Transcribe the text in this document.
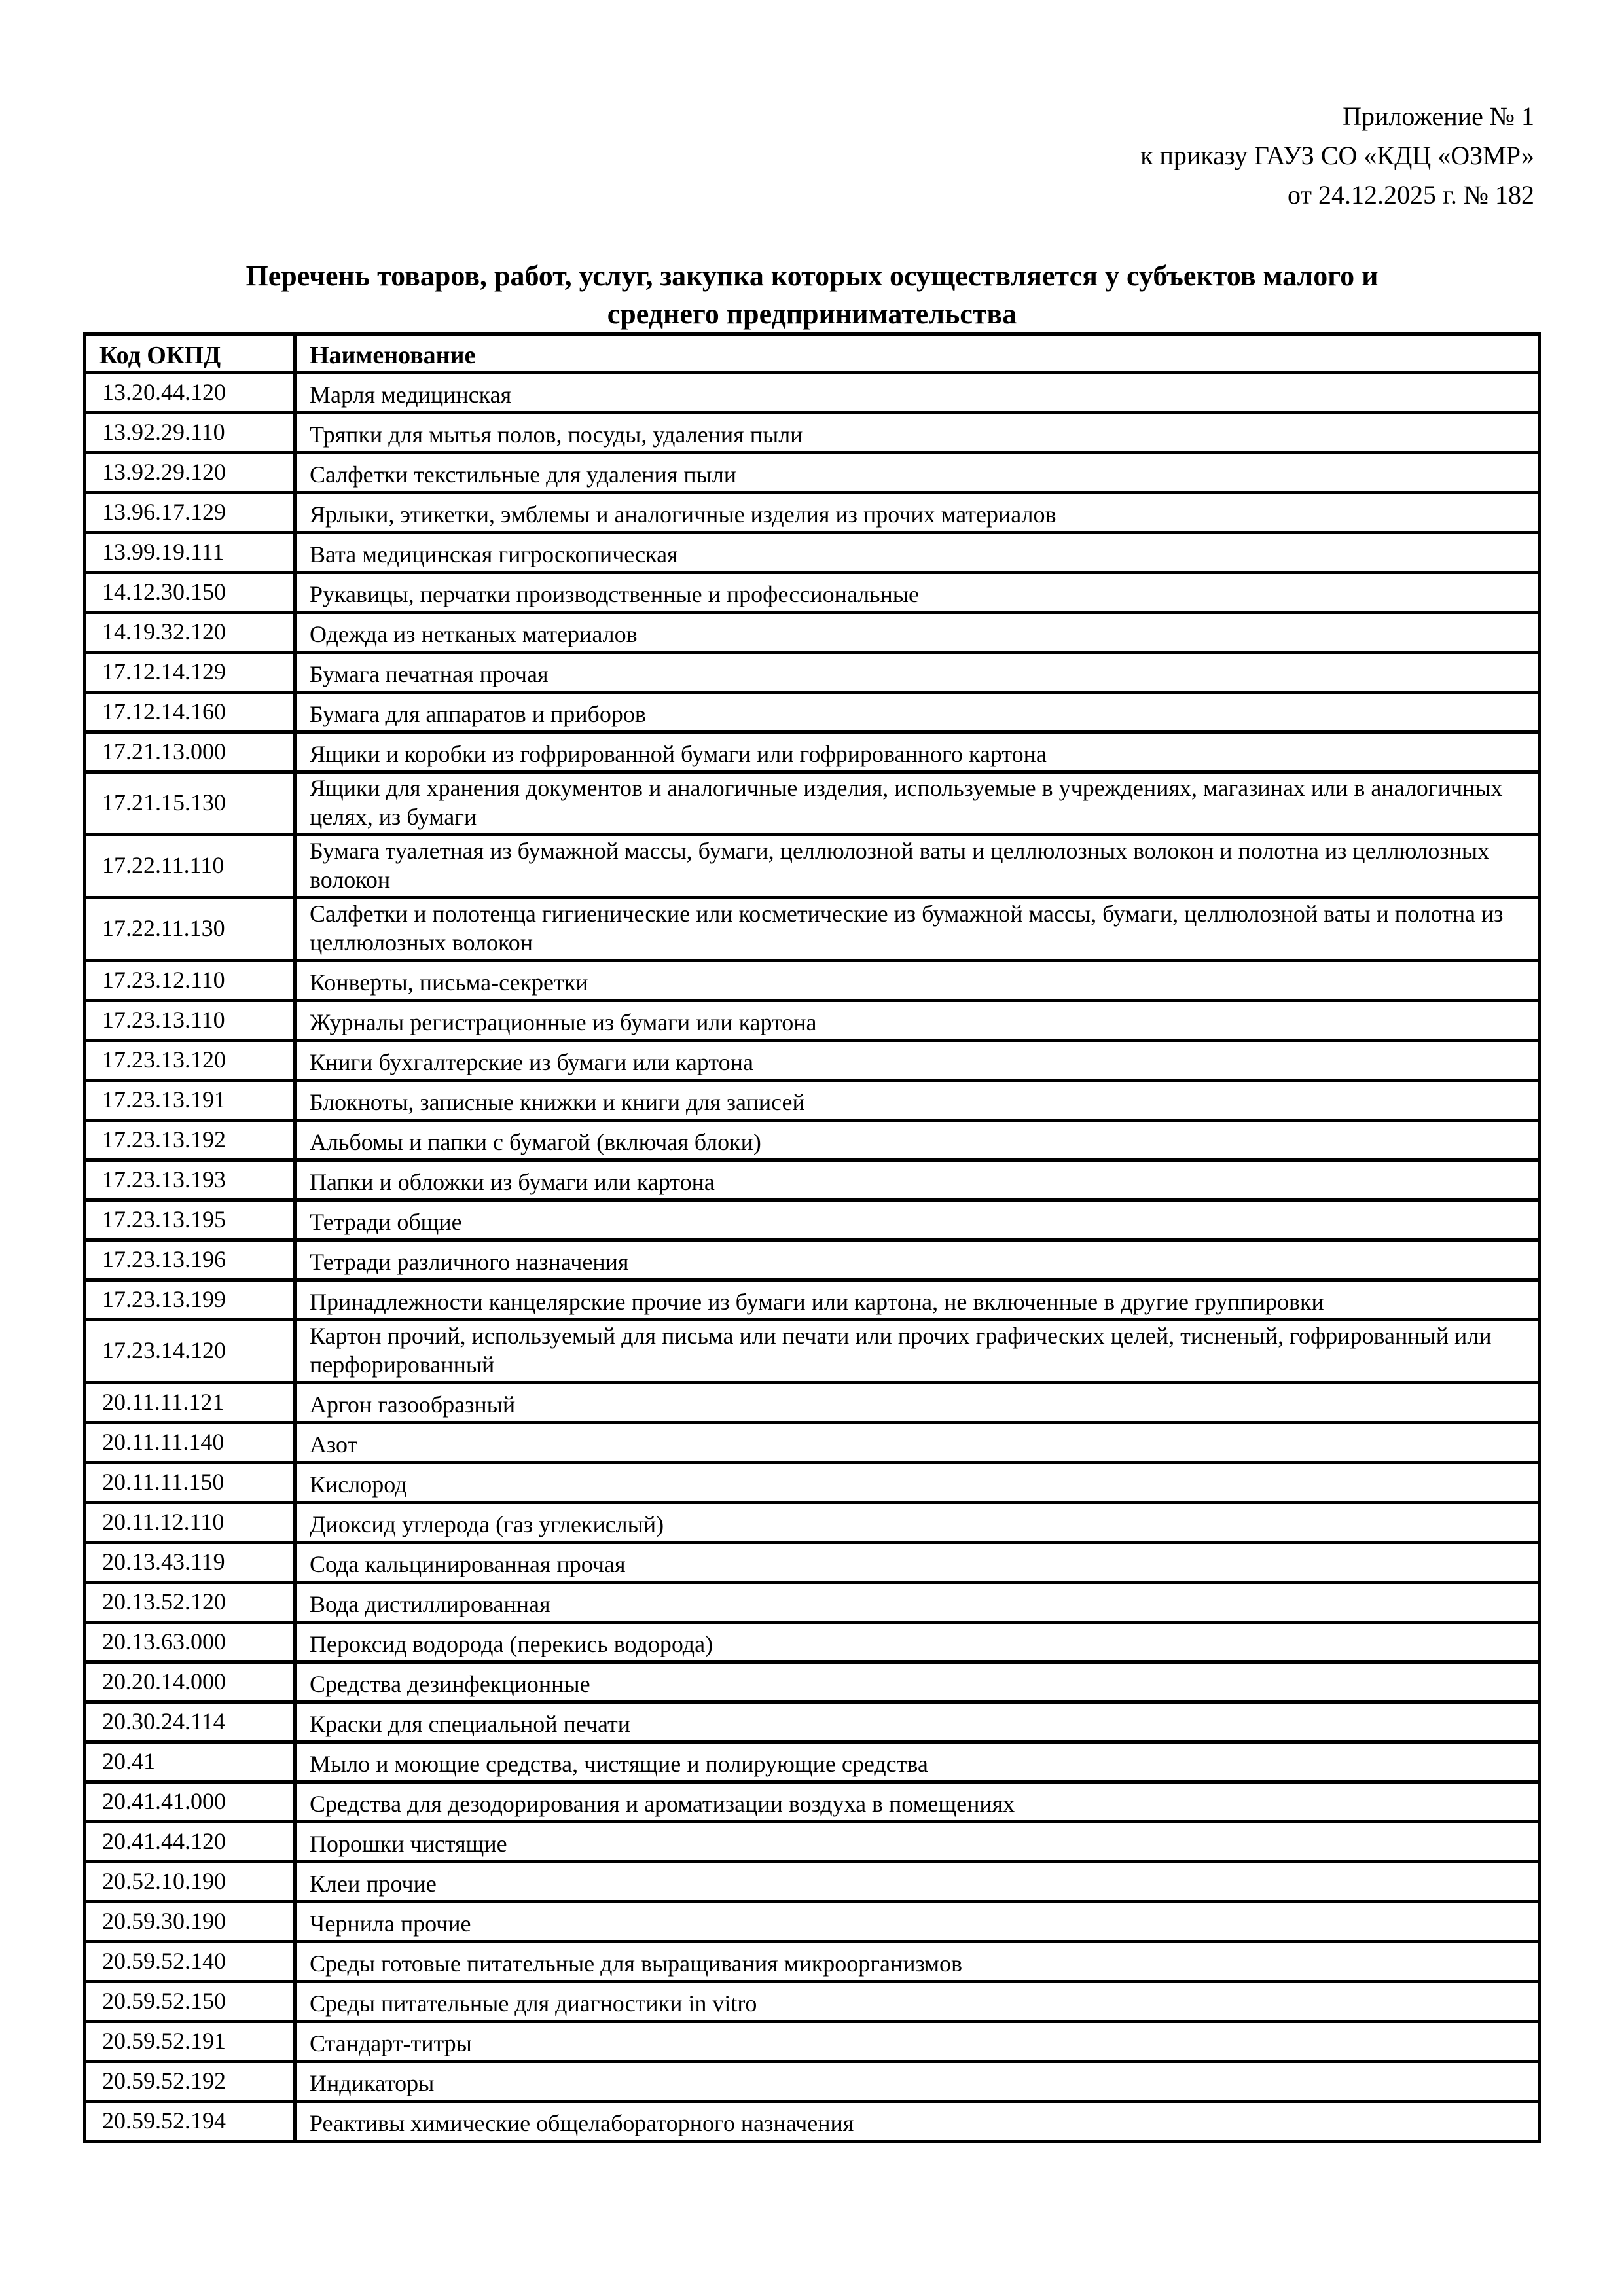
Приложение № 1
к приказу ГАУЗ СО «КДЦ «ОЗМР»
от 24.12.2025 г. № 182
Перечень товаров, работ, услуг, закупка которых осуществляется у субъектов малого и
среднего предпринимательства
Код ОКПД	Наименование
13.20.44.120	Марля медицинская
13.92.29.110	Тряпки для мытья полов, посуды, удаления пыли
13.92.29.120	Салфетки текстильные для удаления пыли
13.96.17.129	Ярлыки, этикетки, эмблемы и аналогичные изделия из прочих материалов
13.99.19.111	Вата медицинская гигроскопическая
14.12.30.150	Рукавицы, перчатки производственные и профессиональные
14.19.32.120	Одежда из нетканых материалов
17.12.14.129	Бумага печатная прочая
17.12.14.160	Бумага для аппаратов и приборов
17.21.13.000	Ящики и коробки из гофрированной бумаги или гофрированного картона
17.21.15.130	Ящики для хранения документов и аналогичные изделия, используемые в учреждениях, магазинах или в аналогичных целях, из бумаги
17.22.11.110	Бумага туалетная из бумажной массы, бумаги, целлюлозной ваты и целлюлозных волокон и полотна из целлюлозных волокон
17.22.11.130	Салфетки и полотенца гигиенические или косметические из бумажной массы, бумаги, целлюлозной ваты и полотна из целлюлозных волокон
17.23.12.110	Конверты, письма-секретки
17.23.13.110	Журналы регистрационные из бумаги или картона
17.23.13.120	Книги бухгалтерские из бумаги или картона
17.23.13.191	Блокноты, записные книжки и книги для записей
17.23.13.192	Альбомы и папки с бумагой (включая блоки)
17.23.13.193	Папки и обложки из бумаги или картона
17.23.13.195	Тетради общие
17.23.13.196	Тетради различного назначения
17.23.13.199	Принадлежности канцелярские прочие из бумаги или картона, не включенные в другие группировки
17.23.14.120	Картон прочий, используемый для письма или печати или прочих графических целей, тисненый, гофрированный или перфорированный
20.11.11.121	Аргон газообразный
20.11.11.140	Азот
20.11.11.150	Кислород
20.11.12.110	Диоксид углерода (газ углекислый)
20.13.43.119	Сода кальцинированная прочая
20.13.52.120	Вода дистиллированная
20.13.63.000	Пероксид водорода (перекись водорода)
20.20.14.000	Средства дезинфекционные
20.30.24.114	Краски для специальной печати
20.41	Мыло и моющие средства, чистящие и полирующие средства
20.41.41.000	Средства для дезодорирования и ароматизации воздуха в помещениях
20.41.44.120	Порошки чистящие
20.52.10.190	Клеи прочие
20.59.30.190	Чернила прочие
20.59.52.140	Среды готовые питательные для выращивания микроорганизмов
20.59.52.150	Среды питательные для диагностики in vitro
20.59.52.191	Стандарт-титры
20.59.52.192	Индикаторы
20.59.52.194	Реактивы химические общелабораторного назначения
